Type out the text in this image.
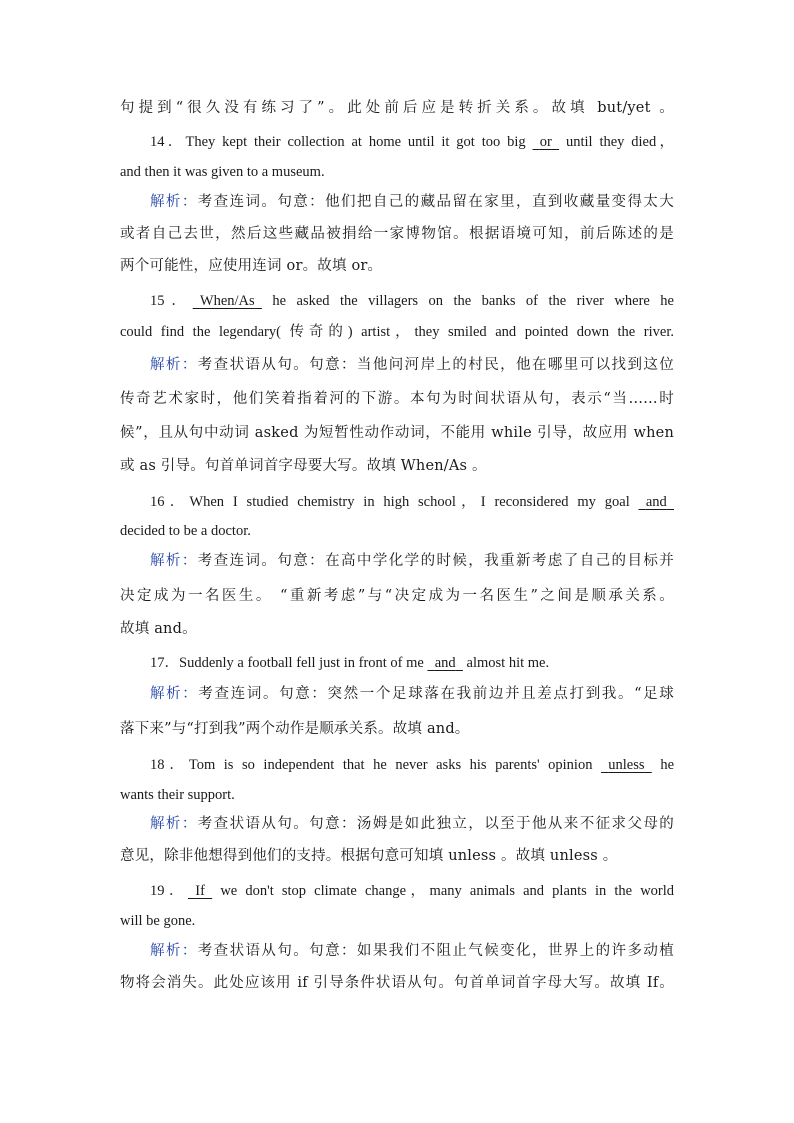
句提到“很久没有练习了”。此处前后应是转折关系。故填 but/yet 。
14．They kept their collection at home until it got too big or until they died，
and then it was given to a museum.
解析：考查连词。句意：他们把自己的藏品留在家里，直到收藏量变得太大
或者自己去世，然后这些藏品被捐给一家博物馆。根据语境可知，前后陈述的是
两个可能性，应使用连词 or。故填 or。
15． When/As he asked the villagers on the banks of the river where he
could find the legendary( 传奇的) artist，they smiled and pointed down the river.
解析：考查状语从句。句意：当他问河岸上的村民，他在哪里可以找到这位
传奇艺术家时，他们笑着指着河的下游。本句为时间状语从句，表示“当……时
候”，且从句中动词 asked 为短暂性动作动词，不能用 while 引导，故应用 when
或 as 引导。句首单词首字母要大写。故填 When/As 。
16．When I studied chemistry in high school，I reconsidered my goal and
decided to be a doctor.
解析：考查连词。句意：在高中学化学的时候，我重新考虑了自己的目标并
决定成为一名医生。 “重新考虑”与“决定成为一名医生”之间是顺承关系。
故填 and。
17．Suddenly a football fell just in front of me and almost hit me.
解析：考查连词。句意：突然一个足球落在我前边并且差点打到我。“足球
落下来”与“打到我”两个动作是顺承关系。故填 and。
18．Tom is so independent that he never asks his parents' opinion unless he
wants their support.
解析：考查状语从句。句意：汤姆是如此独立，以至于他从来不征求父母的
意见，除非他想得到他们的支持。根据句意可知填 unless 。故填 unless 。
19． If we don't stop climate change，many animals and plants in the world
will be gone.
解析：考查状语从句。句意：如果我们不阻止气候变化，世界上的许多动植
物将会消失。此处应该用 if 引导条件状语从句。句首单词首字母大写。故填 If。
